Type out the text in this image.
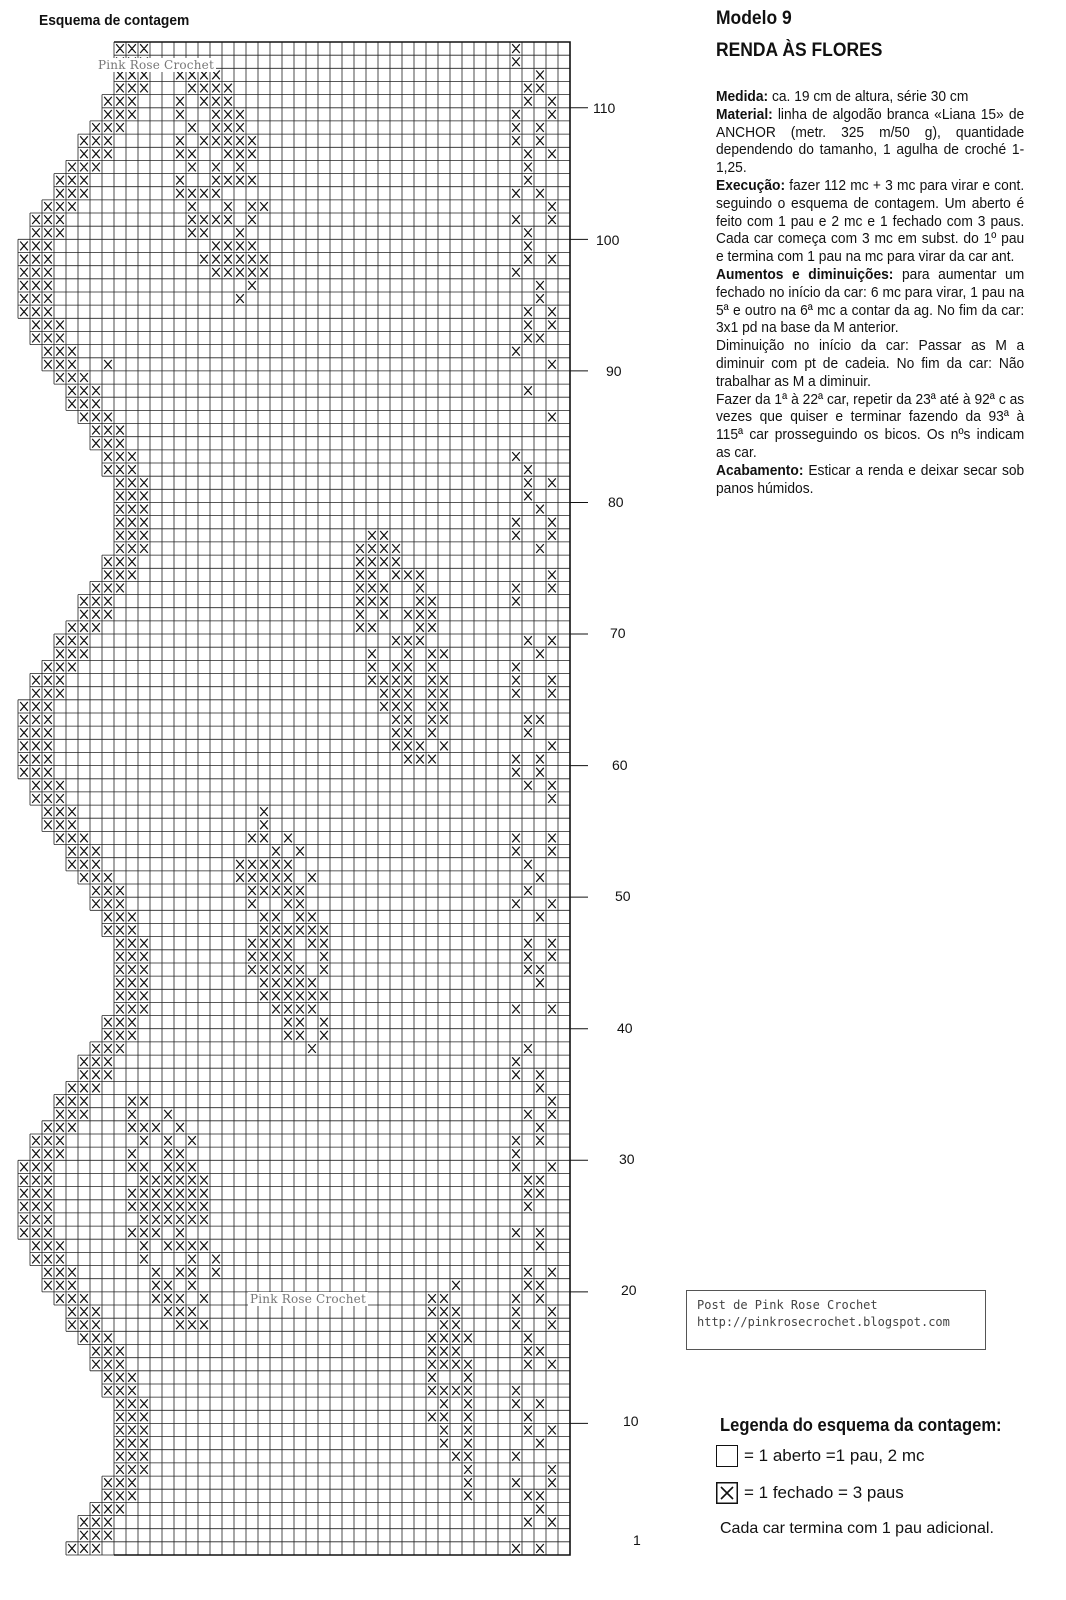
Esquema de contagem
Pink Rose Crochet
Pink Rose Crochet
110
100
90
80
70
60
50
40
30
20
10
1
Modelo 9
RENDA ÀS FLORES

Medida: ca. 19 cm de altura, série 30 cm

Material: linha de algodão branca «Liana 15» de ANCHOR (metr. 325 m/50 g), quantidade dependendo do tamanho, 1 agulha de croché 1-1,25.

Execução: fazer 112 mc + 3 mc para virar e cont. seguindo o esquema de contagem. Um aberto é feito com 1 pau e 2 mc e 1 fechado com 3 paus. Cada car começa com 3 mc em subst. do 1º pau e termina com 1 pau na mc para virar da car ant.

Aumentos e diminuições: para aumentar um fechado no início da car: 6 mc para virar, 1 pau na 5ª e outro na 6ª mc a contar da ag. No fim da car: 3x1 pd na base da M anterior.

Diminuição no início da car: Passar as M a diminuir com pt de cadeia. No fim da car: Não trabalhar as M a diminuir.

Fazer da 1ª à 22ª car, repetir da 23ª até à 92ª c as vezes que quiser e terminar fazendo da 93ª à 115ª car prosseguindo os bicos. Os nºs indicam as car.

Acabamento: Esticar a renda e deixar secar sob panos húmidos.

Post de Pink Rose Crochet
http://pinkrosecrochet.blogspot.com
Legenda do esquema da contagem:
= 1 aberto =1 pau, 2 mc
= 1 fechado = 3 paus
Cada car termina com 1 pau adicional.
